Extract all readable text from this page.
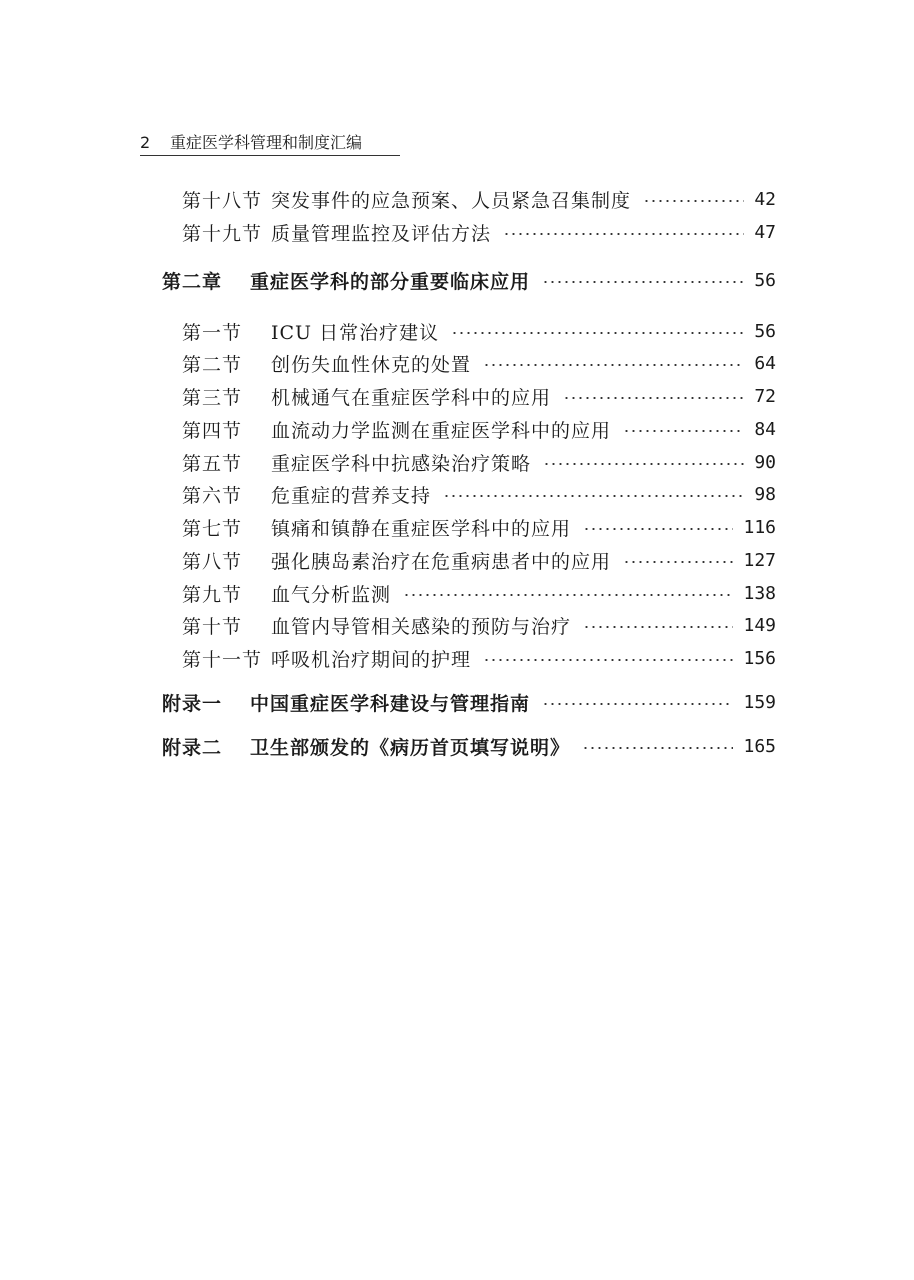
2 重症医学科管理和制度汇编
第十八节 突发事件的应急预案、人员紧急召集制度	42
第十九节 质量管理监控及评估方法	47
第二章	重症医学科的部分重要临床应用	56
第一节	ICU 日常治疗建议	56
第二节	创伤失血性休克的处置	64
第三节	机械通气在重症医学科中的应用	72
第四节	血流动力学监测在重症医学科中的应用	84
第五节	重症医学科中抗感染治疗策略	90
第六节	危重症的营养支持	98
第七节	镇痛和镇静在重症医学科中的应用	116
第八节	强化胰岛素治疗在危重病患者中的应用	127
第九节	血气分析监测	138
第十节	血管内导管相关感染的预防与治疗	149
第十一节 呼吸机治疗期间的护理	156
附录一	中国重症医学科建设与管理指南	159
附录二	卫生部颁发的《病历首页填写说明》	165
